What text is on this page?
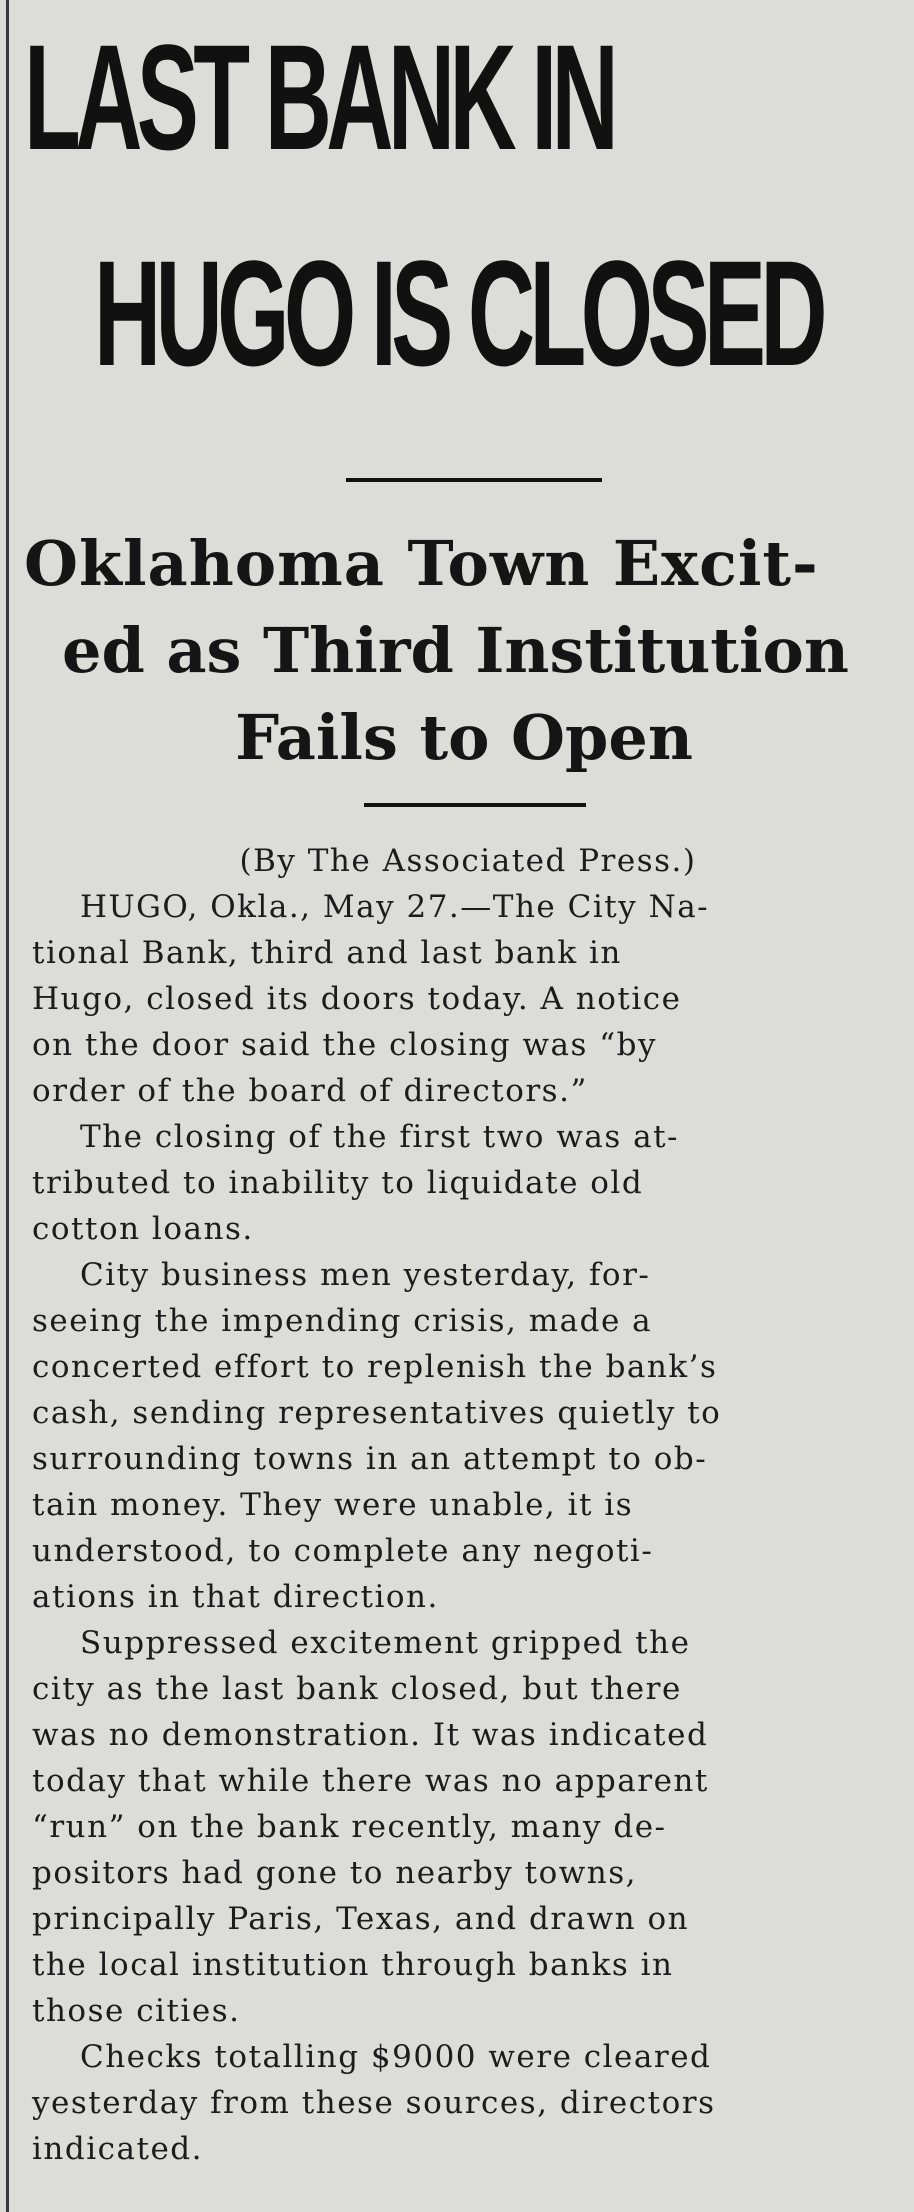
LAST BANK IN
HUGO IS CLOSED
Oklahoma Town Excit-
ed as Third Institution
Fails to Open
(By The Associated Press.)
HUGO, Okla., May 27.—The City Na-
tional Bank, third and last bank in
Hugo, closed its doors today. A notice
on the door said the closing was “by
order of the board of directors.”
The closing of the first two was at-
tributed to inability to liquidate old
cotton loans.
City business men yesterday, for-
seeing the impending crisis, made a
concerted effort to replenish the bank’s
cash, sending representatives quietly to
surrounding towns in an attempt to ob-
tain money. They were unable, it is
understood, to complete any negoti-
ations in that direction.
Suppressed excitement gripped the
city as the last bank closed, but there
was no demonstration. It was indicated
today that while there was no apparent
“run” on the bank recently, many de-
positors had gone to nearby towns,
principally Paris, Texas, and drawn on
the local institution through banks in
those cities.
Checks totalling $9000 were cleared
yesterday from these sources, directors
indicated.
